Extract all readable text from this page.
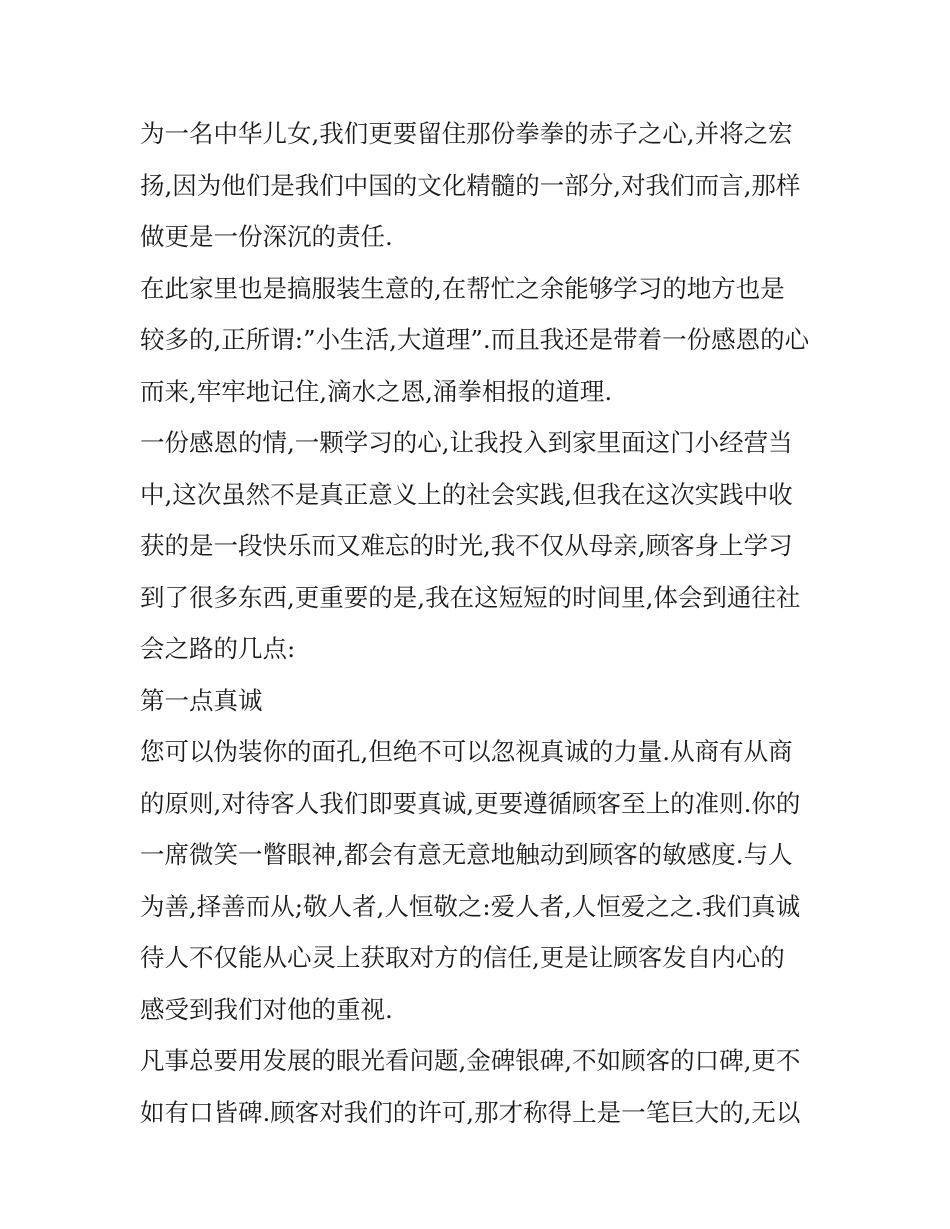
为一名中华儿女,我们更要留住那份拳拳的赤子之心,并将之宏
扬,因为他们是我们中国的文化精髓的一部分,对我们而言,那样
做更是一份深沉的责任.
在此家里也是搞服装生意的,在帮忙之余能够学习的地方也是
较多的,正所谓:”小生活,大道理”.而且我还是带着一份感恩的心
而来,牢牢地记住,滴水之恩,涌拳相报的道理.
一份感恩的情,一颗学习的心,让我投入到家里面这门小经营当
中,这次虽然不是真正意义上的社会实践,但我在这次实践中收
获的是一段快乐而又难忘的时光,我不仅从母亲,顾客身上学习
到了很多东西,更重要的是,我在这短短的时间里,体会到通往社
会之路的几点:
第一点真诚
您可以伪装你的面孔,但绝不可以忽视真诚的力量.从商有从商
的原则,对待客人我们即要真诚,更要遵循顾客至上的准则.你的
一席微笑一瞥眼神,都会有意无意地触动到顾客的敏感度.与人
为善,择善而从;敬人者,人恒敬之:爱人者,人恒爱之之.我们真诚
待人不仅能从心灵上获取对方的信任,更是让顾客发自内心的
感受到我们对他的重视.
凡事总要用发展的眼光看问题,金碑银碑,不如顾客的口碑,更不
如有口皆碑.顾客对我们的许可,那才称得上是一笔巨大的,无以
